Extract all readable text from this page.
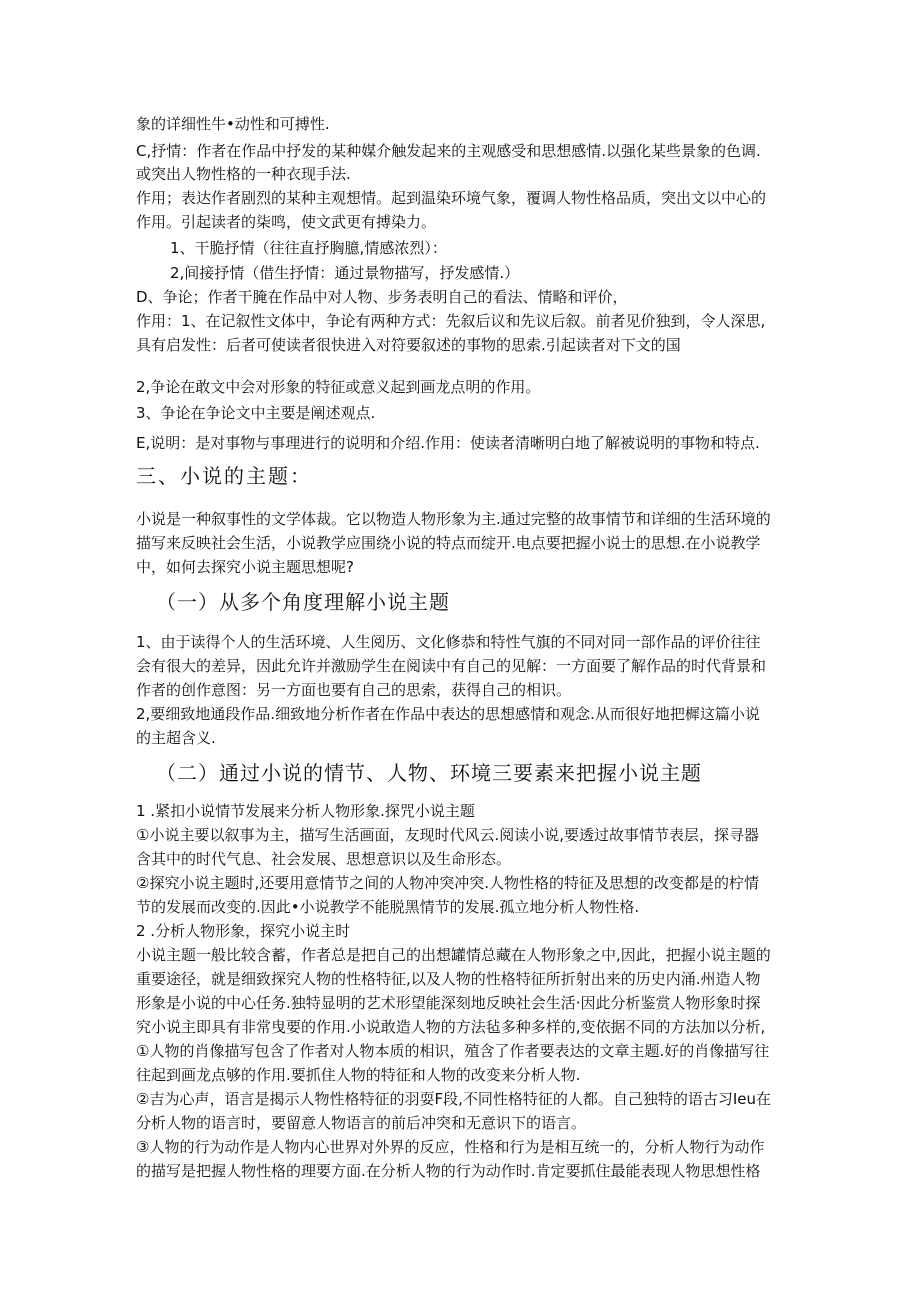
象的详细性牛•动性和可搏性.
C,抒情：作者在作品中抒发的某种媒介触发起来的主观感受和思想感情.以强化某些景象的色调.
或突出人物性格的一种衣现手法.
作用；表达作者剧烈的某种主观想情。起到温染环境气象，覆调人物性格品质，突出文以中心的
作用。引起读者的柒鸣，使文武更有搏染力。
1、干脆抒情（往往直抒胸臆,情感浓烈）：
2,间接抒情（借生抒情：通过景物描写，抒发感情.）
D、争论；作者干腌在作品中对人物、步务表明自己的看法、情略和评价，
作用：1、在记叙性文体中，争论有两种方式：先叙后议和先议后叙。前者见价独到，令人深思,
具有启发性：后者可使读者很快进入对符要叙述的事物的思索.引起读者对下文的国
2,争论在敢文中会对形象的特征或意义起到画龙点明的作用。
3、争论在争论文中主要是阐述观点.
E,说明：是对事物与事理进行的说明和介绍.作用：使读者清晰明白地了解被说明的事物和特点.
三、小说的主题：
小说是一种叙事性的文学体裁。它以物造人物形象为主.通过完整的故事情节和详细的生活环境的
描写来反映社会生活，小说教学应围绕小说的特点而绽开.电点要把握小说士的思想.在小说教学
中，如何去探究小说主题思想呢?
（一）从多个角度理解小说主题
1、由于读得个人的生活环境、人生阅历、文化修恭和特性气旗的不同对同一部作品的评价往往
会有很大的差异，因此允许并激励学生在阅读中有自己的见解：一方面要了解作品的时代背景和
作者的创作意图：另一方面也要有自己的思索，获得自己的相识。
2,要细致地通段作品.细致地分析作者在作品中表达的思想感情和观念.从而很好地把樨这篇小说
的主超含义.
（二）通过小说的情节、人物、环境三要素来把握小说主题
1 .紧扣小说情节发展来分析人物形象.探咒小说主题
①小说主要以叙事为主，描写生活画面，友现时代风云.阅读小说,要透过故事情节表层，探寻器
含其中的时代气息、社会发展、思想意识以及生命形态。
②探究小说主题时,还要用意情节之间的人物冲突冲突.人物性格的特征及思想的改变都是的柠情
节的发展而改变的.因此•小说教学不能脱黑情节的发展.孤立地分析人物性格.
2 .分析人物形象，探究小说主时
小说主题一般比较含蓄，作者总是把自己的出想罐情总藏在人物形象之中,因此，把握小说主题的
重要途径，就是细致探究人物的性格特征,以及人物的性格特征所折射出来的历史内涌.州造人物
形象是小说的中心任务.独特显明的艺术形望能深刻地反映社会生活·因此分析鉴赏人物形象时探
究小说主即具有非常曳要的作用.小说敢造人物的方法毡多种多样的,变依据不同的方法加以分析,
①人物的肖像描写包含了作者对人物本质的相识，殖含了作者要表达的文章主题.好的肖像描写往
往起到画龙点够的作用.要抓住人物的特征和人物的改变来分析人物.
②吉为心声，语言是揭示人物性格特征的羽耍F段,不同性格特征的人都。自己独特的语古习Ieu在
分析人物的语言时，要留意人物语言的前后冲突和无意识下的语言。
③人物的行为动作是人物内心世界对外界的反应，性格和行为是相互统一的，分析人物行为动作
的描写是把握人物性格的理要方面.在分析人物的行为动作时.肯定要抓住最能表现人物思想性格
